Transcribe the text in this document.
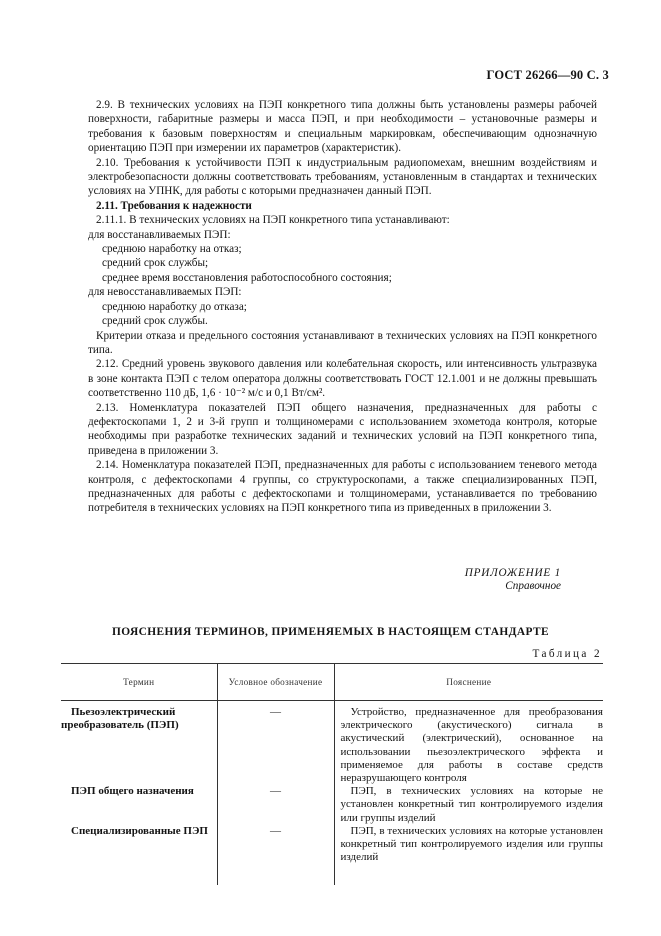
ГОСТ 26266—90 С. 3

2.9. В технических условиях на ПЭП конкретного типа должны быть установлены размеры рабочей поверхности, габаритные размеры и масса ПЭП, и при необходимости – установочные размеры и требования к базовым поверхностям и специальным маркировкам, обеспечивающим однозначную ориентацию ПЭП при измерении их параметров (характеристик).

2.10. Требования к устойчивости ПЭП к индустриальным радиопомехам, внешним воздействиям и электробезопасности должны соответствовать требованиям, установленным в стандартах и технических условиях на УПНК, для работы с которыми предназначен данный ПЭП.

2.11. Требования к надежности

2.11.1. В технических условиях на ПЭП конкретного типа устанавливают:

для восстанавливаемых ПЭП:

среднюю наработку на отказ;

средний срок службы;

среднее время восстановления работоспособного состояния;

для невосстанавливаемых ПЭП:

среднюю наработку до отказа;

средний срок службы.

Критерии отказа и предельного состояния устанавливают в технических условиях на ПЭП конкретного типа.

2.12. Средний уровень звукового давления или колебательная скорость, или интенсивность ультразвука в зоне контакта ПЭП с телом оператора должны соответствовать ГОСТ 12.1.001 и не должны превышать соответственно 110 дБ, 1,6 · 10⁻² м/с и 0,1 Вт/см².

2.13. Номенклатура показателей ПЭП общего назначения, предназначенных для работы с дефектоскопами 1, 2 и 3-й групп и толщиномерами с использованием эхометода контроля, которые необходимы при разработке технических заданий и технических условий на ПЭП конкретного типа, приведена в приложении 3.

2.14. Номенклатура показателей ПЭП, предназначенных для работы с использованием теневого метода контроля, с дефектоскопами 4 группы, со структуроскопами, а также специализированных ПЭП, предназначенных для работы с дефектоскопами и толщиномерами, устанавливается по требованию потребителя в технических условиях на ПЭП конкретного типа из приведенных в приложении 3.

ПРИЛОЖЕНИЕ 1
Справочное
ПОЯСНЕНИЯ ТЕРМИНОВ, ПРИМЕНЯЕМЫХ В НАСТОЯЩЕМ СТАНДАРТЕ
Таблица 2
Термин	Условное обозначение	Пояснение

Пьезоэлектрический преобразователь (ПЭП)	—	Устройство, предназначенное для преобразования электрического (акустического) сигнала в акустический (электрический), основанное на использовании пьезоэлектрического эффекта и применяемое для работы в составе средств неразрушающего контроля

ПЭП общего назначения	—	ПЭП, в технических условиях на которые не установлен конкретный тип контролируемого изделия или группы изделий

Специализированные ПЭП	—	ПЭП, в технических условиях на которые установлен конкретный тип контролируемого изделия или группы изделий
